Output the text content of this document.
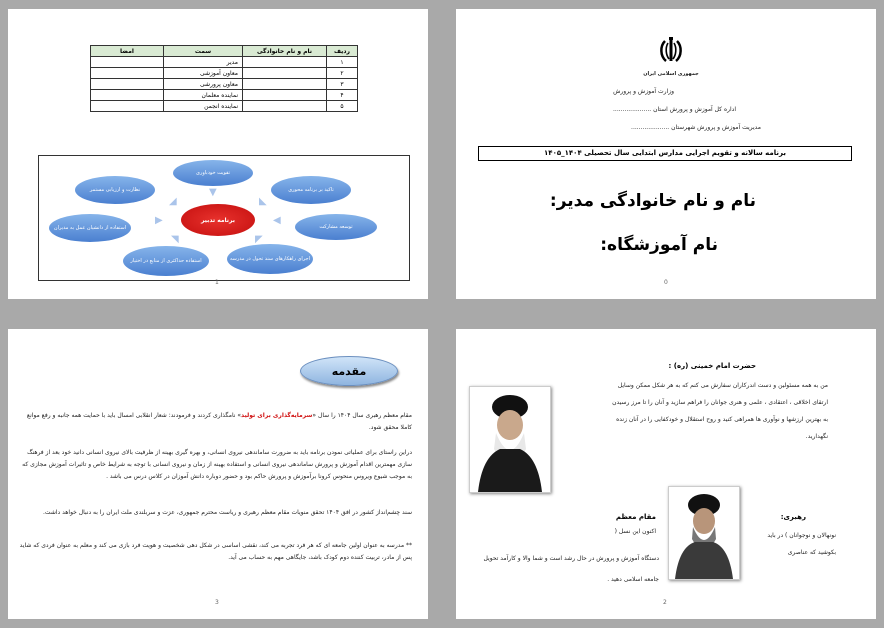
جمهوری اسلامی ایران
وزارت آموزش و پرورش
اداره کل آموزش و پرورش استان ....................
مدیریت آموزش و پرورش شهرستان ....................
برنامه سالانه و تقویم اجرایی مدارس ابتدایی سال تحصیلی ۱۴۰۴_۱۴۰۵
نام و نام خانوادگی مدیر:
نام آموزشگاه:
0
ردیف	نام و نام خانوادگی	سمت	امضا
۱		مدیر	
۲		معاون آموزشی	
۳		معاون پرورشی	
۴		نماینده معلمان	
۵		نماینده انجمن	
برنامه تدبیر
تقویت خودباوری
تاکید بر برنامه محوری
توسعه مشارکت
اجرای راهکارهای سند تحول در مدرسه
استفاده حداکثری از منابع در اختیار
استفاده از دانشیان عمل به مدیران
نظارت و ارزیابی مستمر	▼
◣
◀
◤
◥
▶
◢
1
حضرت امام خمینی (ره) :
من به همه مسئولین و دست اندرکاران سفارش می کنم که به هر شکل ممکن وسایل ارتقای اخلاقی ، اعتقادی ، علمی و هنری جوانان را فراهم سازید و آنان را تا مرز رسیدن به بهترین ارزشها و نوآوری ها همراهی کنید و روح استقلال و خودکفایی را در آنان زنده نگهدارید.
رهبری:
مقام معظم
نونهالان و نوجوانان ) در باید بکوشید که عناصری
اکنون این نسل (
دستگاه آموزش و پرورش در حال رشد است و شما والا و کارآمد تحویل جامعه اسلامی دهید .
2
مقدمه
مقام معظم رهبری سال ۱۴۰۴ را سال «سرمایه‌گذاری برای تولید» نامگذاری کردند و فرمودند: شعار انقلابی امسال باید با حمایت همه جانبه و رفع موانع کاملا محقق شود.
دراین راستای برای عملیاتی نمودن برنامه باید به ضرورت ساماندهی نیروی انسانی، و بهره گیری بهینه از ظرفیت بالای نیروی انسانی دانید خود بعد از فرهنگ سازی مهمترین اقدام آموزش و پرورش ساماندهی نیروی انسانی و استفاده بهینه از زمان و نیروی انسانی با توجه به شرایط خاص و تاثیرات آموزش مجازی که به موجب شیوع ویروس منحوس کرونا برآموزش و پرورش حاکم بود و حضور دوباره دانش آموزان در کلاس درس می باشد .
سند چشم‌انداز کشور در افق ۱۴۰۴ تحقق منویات مقام معظم رهبری و ریاست محترم جمهوری، عزت و سربلندی ملت ایران را به دنبال خواهد داشت.
** مدرسه به عنوان اولین جامعه ای که هر فرد تجربه می کند، نقشی اساسی در شکل دهی شخصیت و هویت فرد بازی می کند و معلم به عنوان فردی که شاید پس از مادر، تربیت کننده دوم کودک باشد، جایگاهی مهم به حساب می آید.
3
